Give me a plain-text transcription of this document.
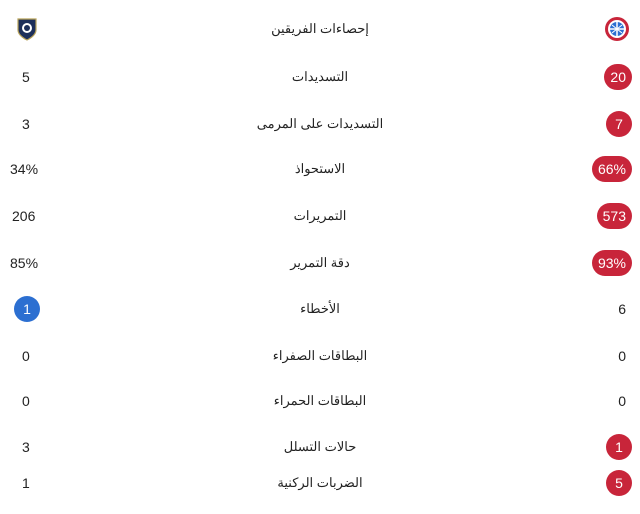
إحصاءات الفريقين
5	التسديدات	20
3	التسديدات على المرمى	7
34%	الاستحواذ	66%
206	التمريرات	573
85%	دقة التمرير	93%
1	الأخطاء	6
0	البطاقات الصفراء	0
0	البطاقات الحمراء	0
3	حالات التسلل	1
1	الضربات الركنية	5
